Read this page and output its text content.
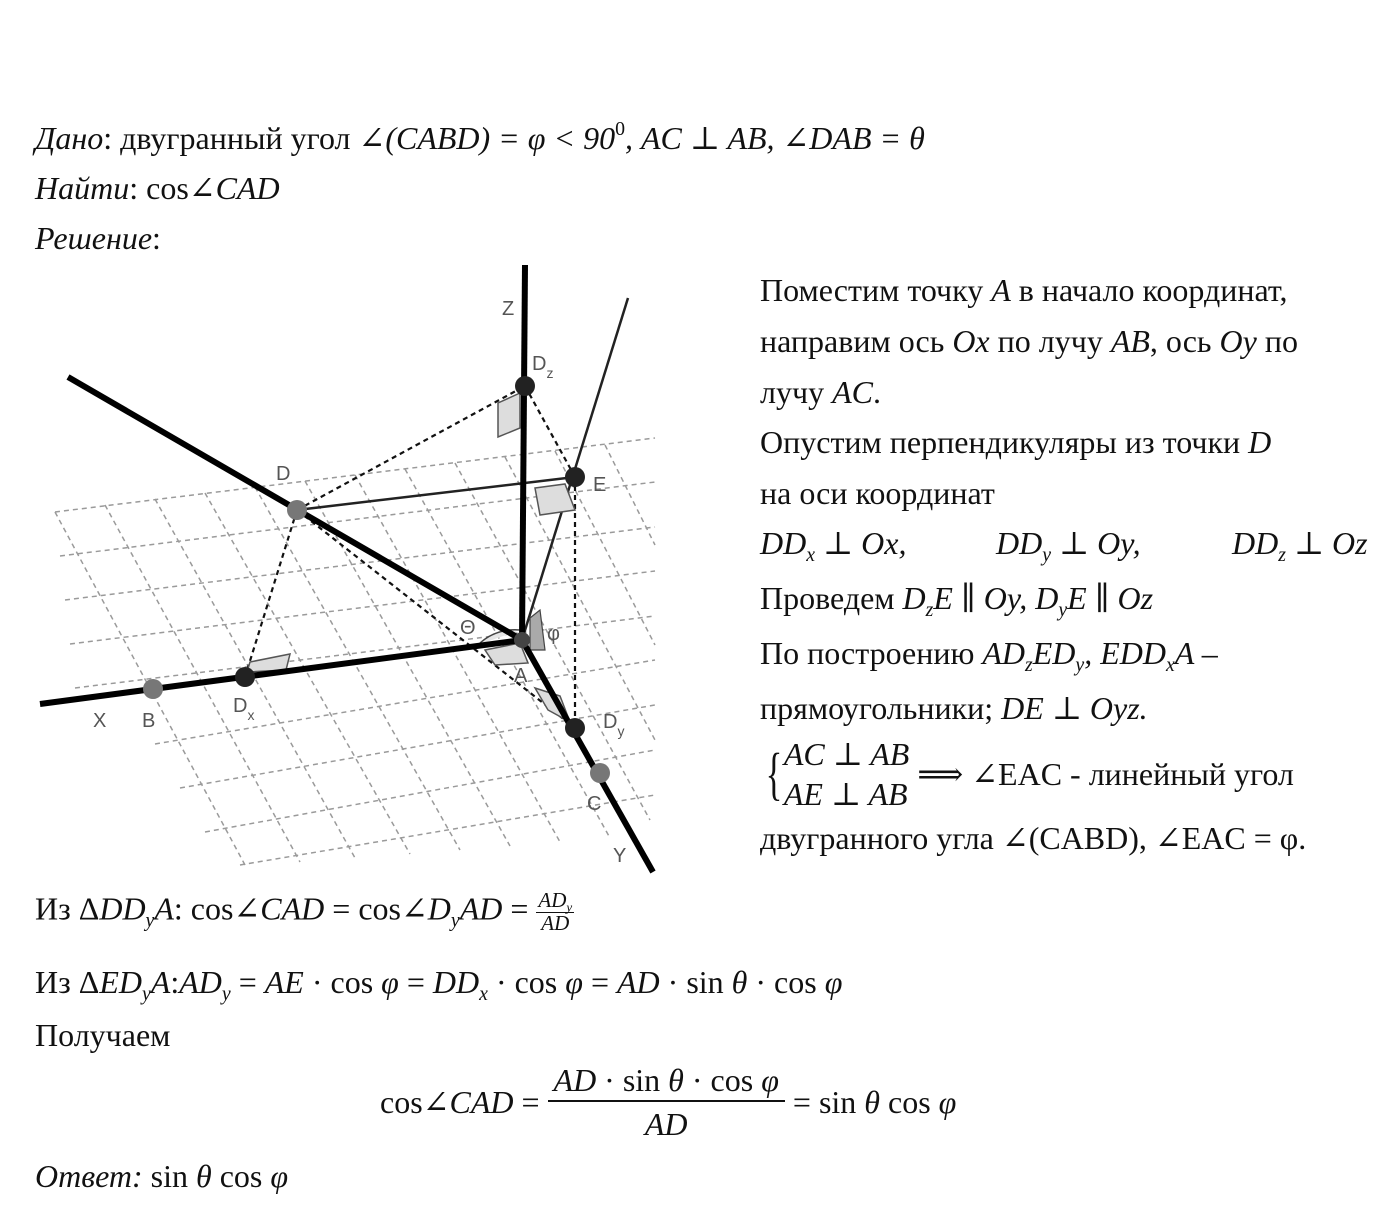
Дано: двугранный угол ∠(CABD) = $\varphi < 90^0$, AC ⊥ AB, ∠DAB = θ
Найти: cos∠CAD
Решение:
Z
$D_z$
D	E
Θ	φ
A
X B
$D_x$	$D_y$
C
Y
Поместим точку A в начало координат,
направим ось Ox по лучу AB, ось Oy по
лучу AC.
Опустим перпендикуляры из точки D
на оси координат
$DD_x$ ⊥ Ox,	$DD_y$ ⊥ Oy,	$DD_z$ ⊥ Oz
Проведем $D_zE$ ∥ Oy, $D_yE$ ∥ Oz
По построению $AD_zED_y$, $EDD_xA$ –
прямоугольники; DE ⊥ Oyz.
{ AC ⊥ AB
AE ⊥ AB
⟹ ∠EAC - линейный угол
двугранного угла ∠(CABD), ∠EAC = φ.
Из $\Delta DD_yA$: cos∠CAD = $\cos\angle D_yAD = \frac{AD_y}{AD}$
Из $\Delta ED_yA:AD_y$ = AE · $\cos \varphi = DD_x \cdot \cos \varphi$ = AD · sin θ · cos φ
Получаем
cos∠CAD = $\frac{\text{AD · sin θ · cos φ}}{AD} = \sin \theta$ cos φ
Ответ: sin θ cos φ
